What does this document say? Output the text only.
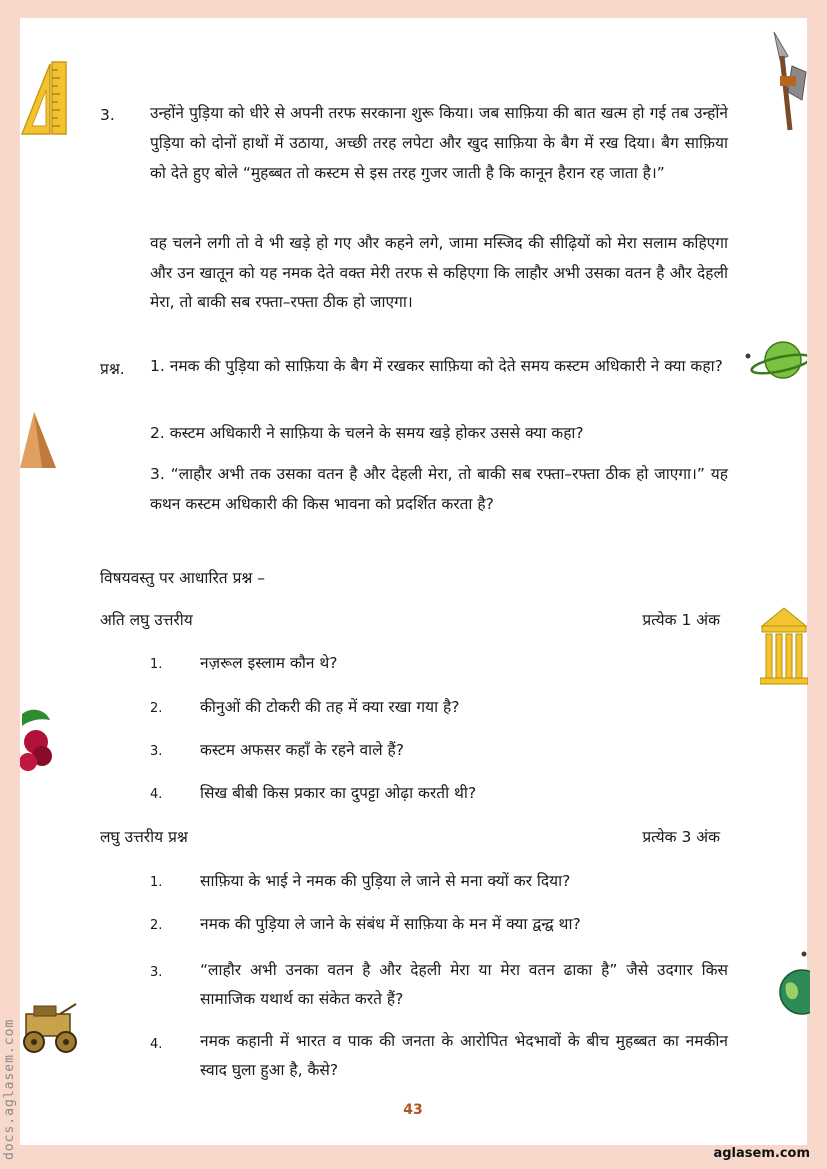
3.	उन्होंने पुड़िया को धीरे से अपनी तरफ सरकाना शुरू किया। जब साफ़िया की बात खत्म हो गई तब उन्होंने पुड़िया को दोनों हाथों में उठाया, अच्छी तरह लपेटा और खुद साफ़िया के बैग में रख दिया। बैग साफ़िया को देते हुए बोले “मुहब्बत तो कस्टम से इस तरह गुजर जाती है कि कानून हैरान रह जाता है।”
वह चलने लगी तो वे भी खड़े हो गए और कहने लगे, जामा मस्जिद की सीढ़ियों को मेरा सलाम कहिएगा और उन खातून को यह नमक देते वक्त मेरी तरफ से कहिएगा कि लाहौर अभी उसका वतन है और देहली मेरा, तो बाकी सब रफ्ता–रफ्ता ठीक हो जाएगा।
प्रश्न.	1. नमक की पुड़िया को साफ़िया के बैग में रखकर साफ़िया को देते समय कस्टम अधिकारी ने क्या कहा?
2. कस्टम अधिकारी ने साफ़िया के चलने के समय खड़े होकर उससे क्या कहा?
3. “लाहौर अभी तक उसका वतन है और देहली मेरा, तो बाकी सब रफ्ता–रफ्ता ठीक हो जाएगा।” यह कथन कस्टम अधिकारी की किस भावना को प्रदर्शित करता है?
विषयवस्तु पर आधारित प्रश्न –
अति लघु उत्तरीय	प्रत्येक 1 अंक
1. नज़रूल इस्लाम कौन थे?
2. कीनुओं की टोकरी की तह में क्या रखा गया है?
3. कस्टम अफसर कहाँ के रहने वाले हैं?
4. सिख बीबी किस प्रकार का दुपट्टा ओढ़ा करती थी?
लघु उत्तरीय प्रश्न	प्रत्येक 3 अंक
1. साफ़िया के भाई ने नमक की पुड़िया ले जाने से मना क्यों कर दिया?
2. नमक की पुड़िया ले जाने के संबंध में साफ़िया के मन में क्या द्वन्द्व था?
3. “लाहौर अभी उनका वतन है और देहली मेरा या मेरा वतन ढाका है” जैसे उदगार किस सामाजिक यथार्थ का संकेत करते हैं?
4. नमक कहानी में भारत व पाक की जनता के आरोपित भेदभावों के बीच मुहब्बत का नमकीन स्वाद घुला हुआ है, कैसे?
43
docs.aglasem.com	aglasem.com
